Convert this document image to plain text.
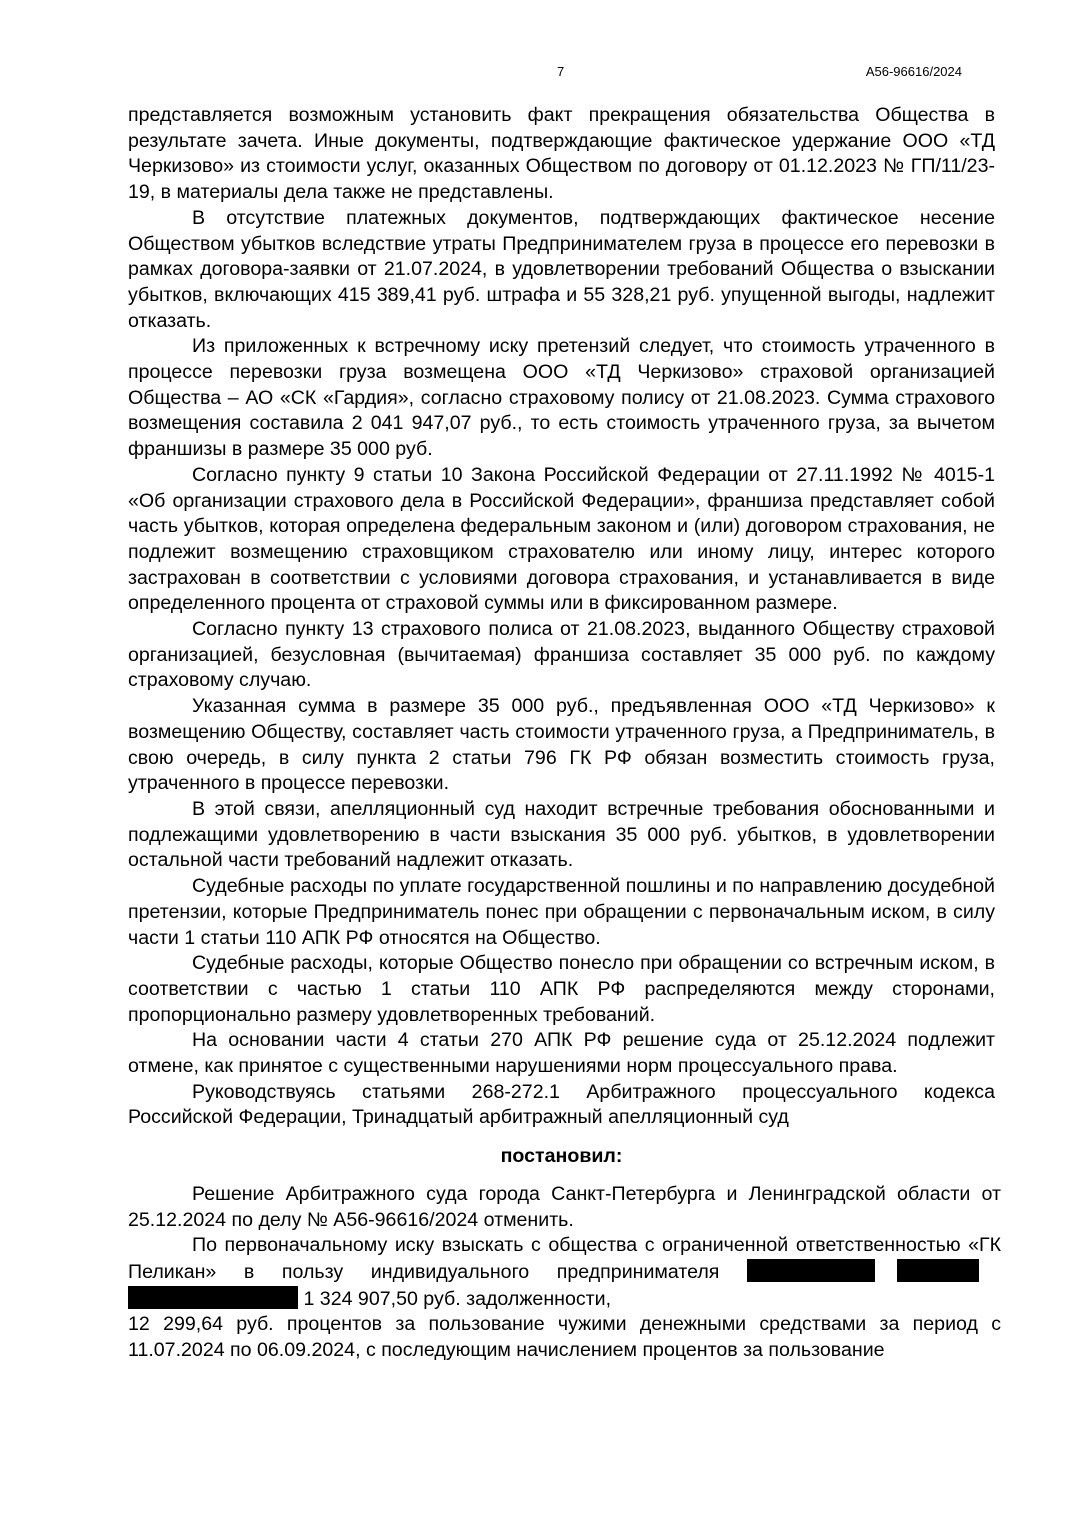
7	А56-96616/2024

представляется возможным установить факт прекращения обязательства Общества в результате зачета. Иные документы, подтверждающие фактическое удержание ООО «ТД Черкизово» из стоимости услуг, оказанных Обществом по договору от 01.12.2023 № ГП/11/23-19, в материалы дела также не представлены.

В отсутствие платежных документов, подтверждающих фактическое несение Обществом убытков вследствие утраты Предпринимателем груза в процессе его перевозки в рамках договора-заявки от 21.07.2024, в удовлетворении требований Общества о взыскании убытков, включающих 415 389,41 руб. штрафа и 55 328,21 руб. упущенной выгоды, надлежит отказать.

Из приложенных к встречному иску претензий следует, что стоимость утраченного в процессе перевозки груза возмещена ООО «ТД Черкизово» страховой организацией Общества – АО «СК «Гардия», согласно страховому полису от 21.08.2023. Сумма страхового возмещения составила 2 041 947,07 руб., то есть стоимость утраченного груза, за вычетом франшизы в размере 35 000 руб.

Согласно пункту 9 статьи 10 Закона Российской Федерации от 27.11.1992 № 4015-1 «Об организации страхового дела в Российской Федерации», франшиза представляет собой часть убытков, которая определена федеральным законом и (или) договором страхования, не подлежит возмещению страховщиком страхователю или иному лицу, интерес которого застрахован в соответствии с условиями договора страхования, и устанавливается в виде определенного процента от страховой суммы или в фиксированном размере.

Согласно пункту 13 страхового полиса от 21.08.2023, выданного Обществу страховой организацией, безусловная (вычитаемая) франшиза составляет 35 000 руб. по каждому страховому случаю.

Указанная сумма в размере 35 000 руб., предъявленная ООО «ТД Черкизово» к возмещению Обществу, составляет часть стоимости утраченного груза, а Предприниматель, в свою очередь, в силу пункта 2 статьи 796 ГК РФ обязан возместить стоимость груза, утраченного в процессе перевозки.

В этой связи, апелляционный суд находит встречные требования обоснованными и подлежащими удовлетворению в части взыскания 35 000 руб. убытков, в удовлетворении остальной части требований надлежит отказать.

Судебные расходы по уплате государственной пошлины и по направлению досудебной претензии, которые Предприниматель понес при обращении с первоначальным иском, в силу части 1 статьи 110 АПК РФ относятся на Общество.

Судебные расходы, которые Общество понесло при обращении со встречным иском, в соответствии с частью 1 статьи 110 АПК РФ распределяются между сторонами, пропорционально размеру удовлетворенных требований.

На основании части 4 статьи 270 АПК РФ решение суда от 25.12.2024 подлежит отмене, как принятое с существенными нарушениями норм процессуального права.

Руководствуясь статьями 268-272.1 Арбитражного процессуального кодекса Российской Федерации, Тринадцатый арбитражный апелляционный суд

постановил:

Решение Арбитражного суда города Санкт-Петербурга и Ленинградской области от 25.12.2024 по делу № А56-96616/2024 отменить.

По первоначальному иску взыскать с общества с ограниченной ответственностью «ГК Пеликан» в пользу индивидуального предпринимателя  1 324 907,50 руб. задолженности,

12 299,64 руб. процентов за пользование чужими денежными средствами за период с 11.07.2024 по 06.09.2024, с последующим начислением процентов за пользование
